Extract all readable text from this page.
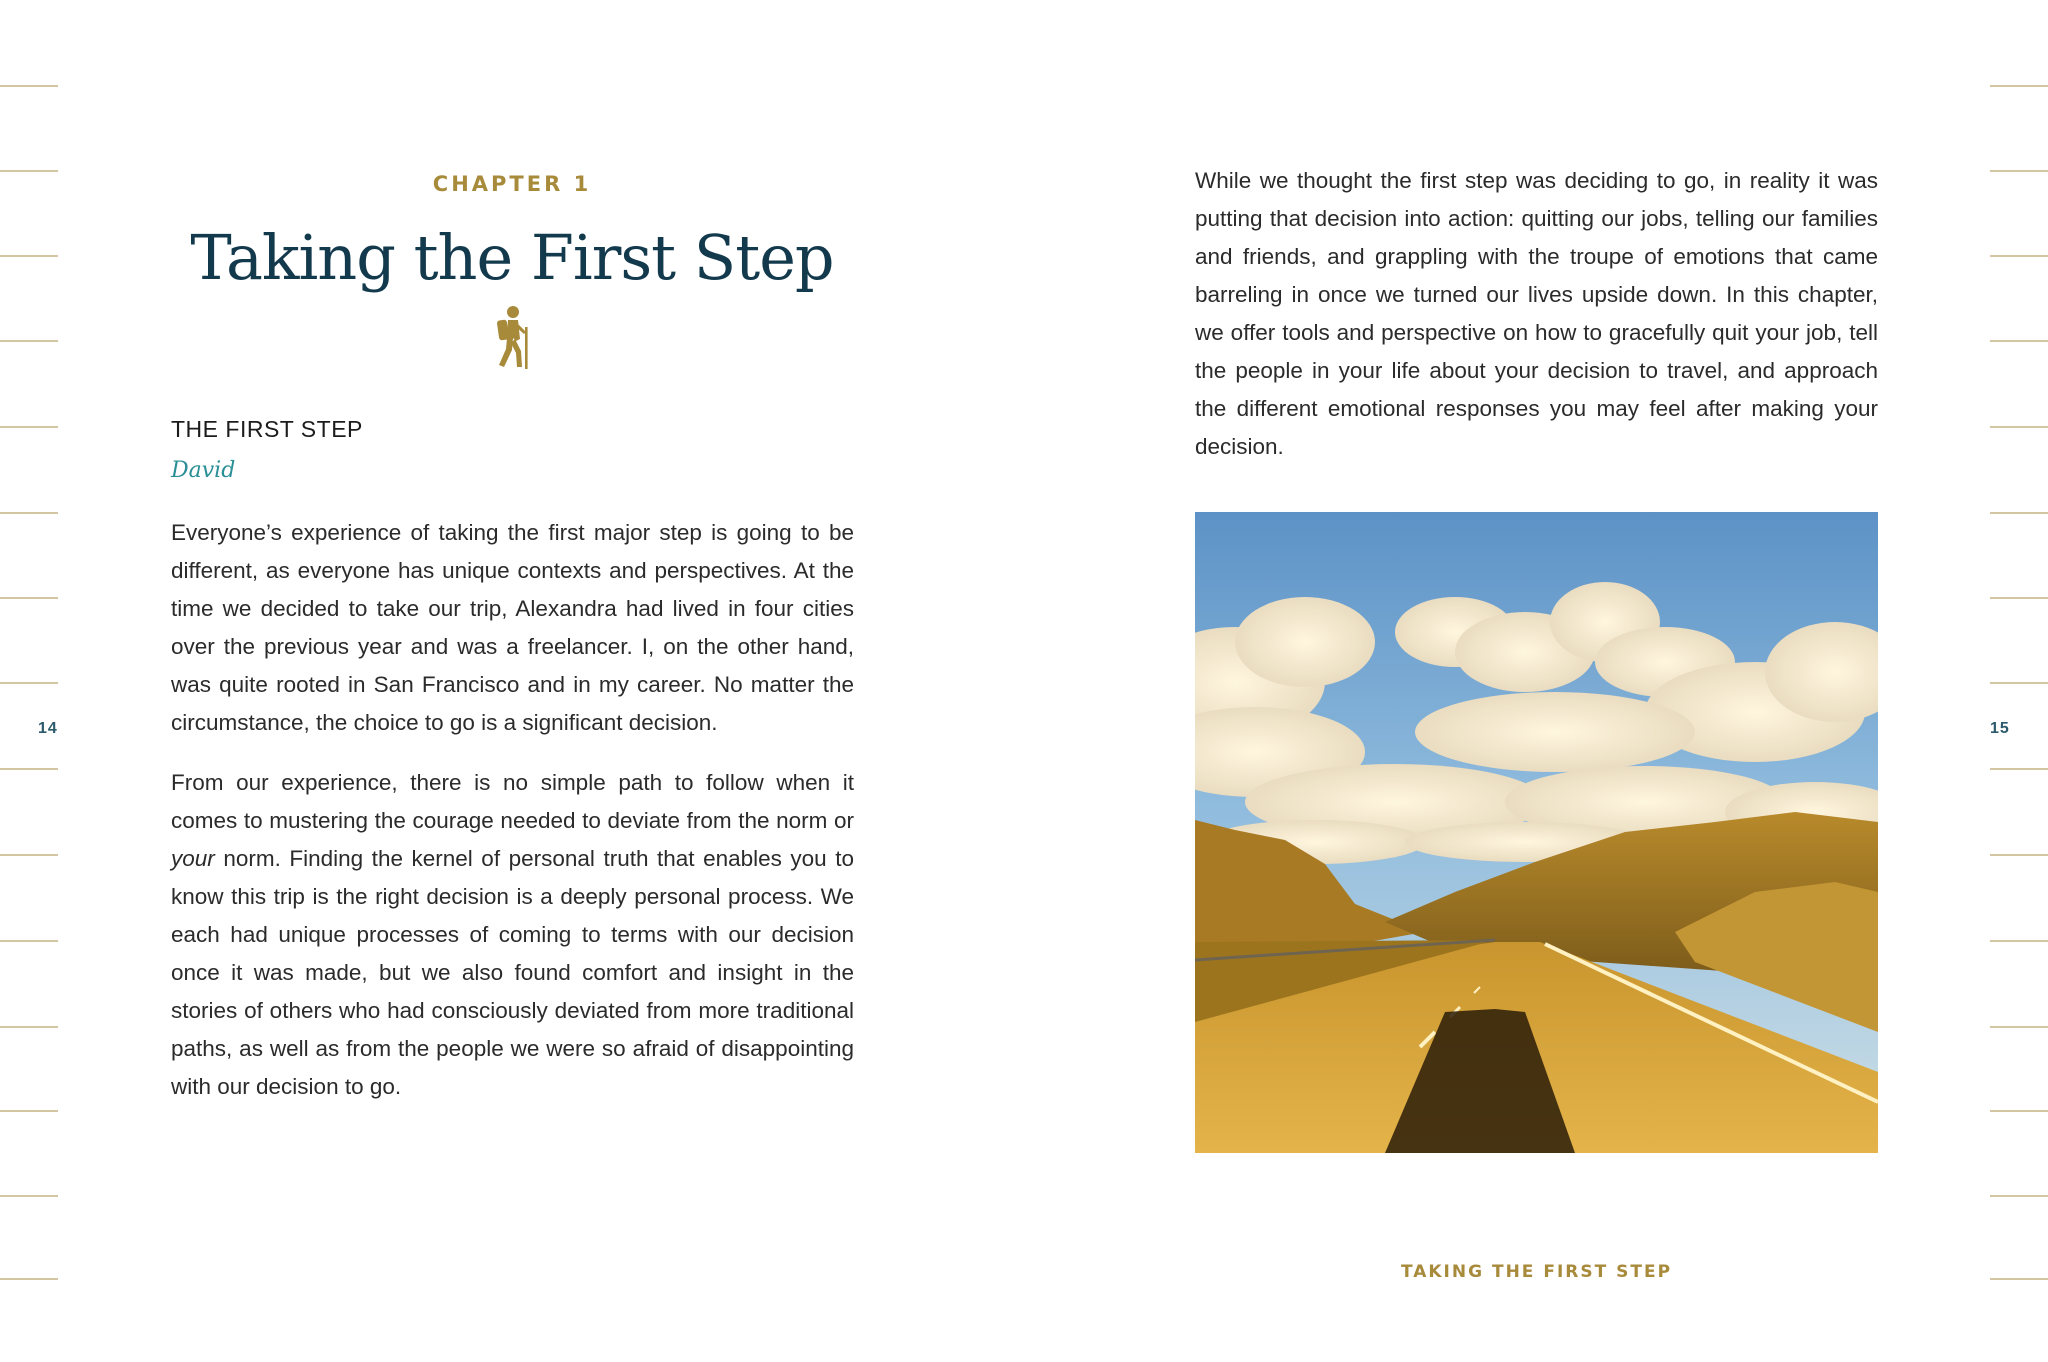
14	15
CHAPTER 1
Taking the First Step
THE FIRST STEP
David

Everyone’s experience of taking the first major step is going to be different, as everyone has unique contexts and perspectives. At the time we decided to take our trip, Alexandra had lived in four cities over the previous year and was a freelancer. I, on the other hand, was quite rooted in San Francisco and in my career. No matter the circumstance, the choice to go is a significant decision.

From our experience, there is no simple path to follow when it comes to mustering the courage needed to deviate from the norm or your norm. Finding the kernel of personal truth that enables you to know this trip is the right decision is a deeply personal process. We each had unique processes of coming to terms with our decision once it was made, but we also found comfort and insight in the stories of others who had consciously deviated from more traditional paths, as well as from the people we were so afraid of disappointing with our decision to go.

While we thought the first step was deciding to go, in reality it was putting that decision into action: quitting our jobs, telling our families and friends, and grappling with the troupe of emotions that came barreling in once we turned our lives upside down. In this chapter, we offer tools and perspective on how to gracefully quit your job, tell the people in your life about your decision to travel, and approach the different emotional responses you may feel after making your decision.

TAKING THE FIRST STEP
